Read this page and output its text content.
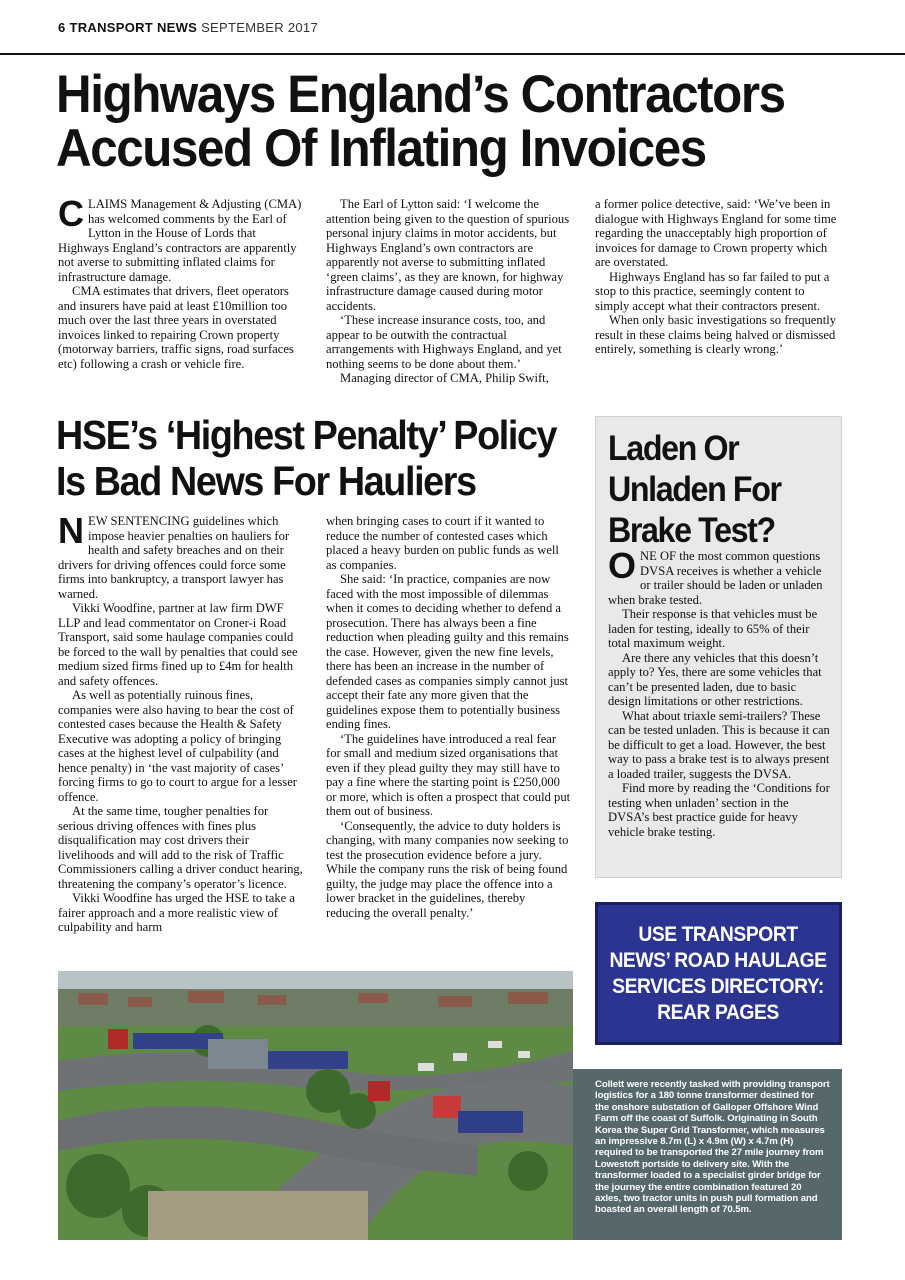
6 TRANSPORT NEWS SEPTEMBER 2017
Highways England’s Contractors
Accused Of Inflating Invoices

CLAIMS Management & Adjusting (CMA) has welcomed comments by the Earl of Lytton in the House of Lords that Highways England’s contractors are apparently not averse to submitting inflated claims for infrastructure damage.

CMA estimates that drivers, fleet operators and insurers have paid at least £10million too much over the last three years in overstated invoices linked to repairing Crown property (motorway barriers, traffic signs, road surfaces etc) following a crash or vehicle fire.

The Earl of Lytton said: ‘I welcome the attention being given to the question of spurious personal injury claims in motor accidents, but Highways England’s own contractors are apparently not averse to submitting inflated ‘green claims’, as they are known, for highway infrastructure damage caused during motor accidents.

‘These increase insurance costs, too, and appear to be outwith the contractual arrangements with Highways England, and yet nothing seems to be done about them.’

Managing director of CMA, Philip Swift,

a former police detective, said: ‘We’ve been in dialogue with Highways England for some time regarding the unacceptably high proportion of invoices for damage to Crown property which are overstated.

Highways England has so far failed to put a stop to this practice, seemingly content to simply accept what their contractors present.

When only basic investigations so frequently result in these claims being halved or dismissed entirely, something is clearly wrong.’

HSE’s ‘Highest Penalty’ Policy
Is Bad News For Hauliers

NEW SENTENCING guidelines which impose heavier penalties on hauliers for health and safety breaches and on their drivers for driving offences could force some firms into bankruptcy, a transport lawyer has warned.

Vikki Woodfine, partner at law firm DWF LLP and lead commentator on Croner-i Road Transport, said some haulage companies could be forced to the wall by penalties that could see medium sized firms fined up to £4m for health and safety offences.

As well as potentially ruinous fines, companies were also having to bear the cost of contested cases because the Health & Safety Executive was adopting a policy of bringing cases at the highest level of culpability (and hence penalty) in ‘the vast majority of cases’ forcing firms to go to court to argue for a lesser offence.

At the same time, tougher penalties for serious driving offences with fines plus disqualification may cost drivers their livelihoods and will add to the risk of Traffic Commissioners calling a driver conduct hearing, threatening the company’s operator’s licence.

Vikki Woodfine has urged the HSE to take a fairer approach and a more realistic view of culpability and harm

when bringing cases to court if it wanted to reduce the number of contested cases which placed a heavy burden on public funds as well as companies.

She said: ‘In practice, companies are now faced with the most impossible of dilemmas when it comes to deciding whether to defend a prosecution. There has always been a fine reduction when pleading guilty and this remains the case. However, given the new fine levels, there has been an increase in the number of defended cases as companies simply cannot just accept their fate any more given that the guidelines expose them to potentially business ending fines.

‘The guidelines have introduced a real fear for small and medium sized organisations that even if they plead guilty they may still have to pay a fine where the starting point is £250,000 or more, which is often a prospect that could put them out of business.

‘Consequently, the advice to duty holders is changing, with many companies now seeking to test the prosecution evidence before a jury. While the company runs the risk of being found guilty, the judge may place the offence into a lower bracket in the guidelines, thereby reducing the overall penalty.’

Laden Or
Unladen For
Brake Test?

ONE OF the most common questions DVSA receives is whether a vehicle or trailer should be laden or unladen when brake tested.

Their response is that vehicles must be laden for testing, ideally to 65% of their total maximum weight.

Are there any vehicles that this doesn’t apply to? Yes, there are some vehicles that can’t be presented laden, due to basic design limitations or other restrictions.

What about triaxle semi-trailers? These can be tested unladen. This is because it can be difficult to get a load. However, the best way to pass a brake test is to always present a loaded trailer, suggests the DVSA.

Find more by reading the ‘Conditions for testing when unladen’ section in the DVSA’s best practice guide for heavy vehicle brake testing.

USE TRANSPORT
NEWS’ ROAD HAULAGE
SERVICES DIRECTORY:
REAR PAGES
Collett were recently tasked with providing transport logistics for a 180 tonne transformer destined for the onshore substation of Galloper Offshore Wind Farm off the coast of Suffolk. Originating in South Korea the Super Grid Transformer, which measures an impressive 8.7m (L) x 4.9m (W) x 4.7m (H) required to be transported the 27 mile journey from Lowestoft portside to delivery site. With the transformer loaded to a specialist girder bridge for the journey the entire combination featured 20 axles, two tractor units in push pull formation and boasted an overall length of 70.5m.
